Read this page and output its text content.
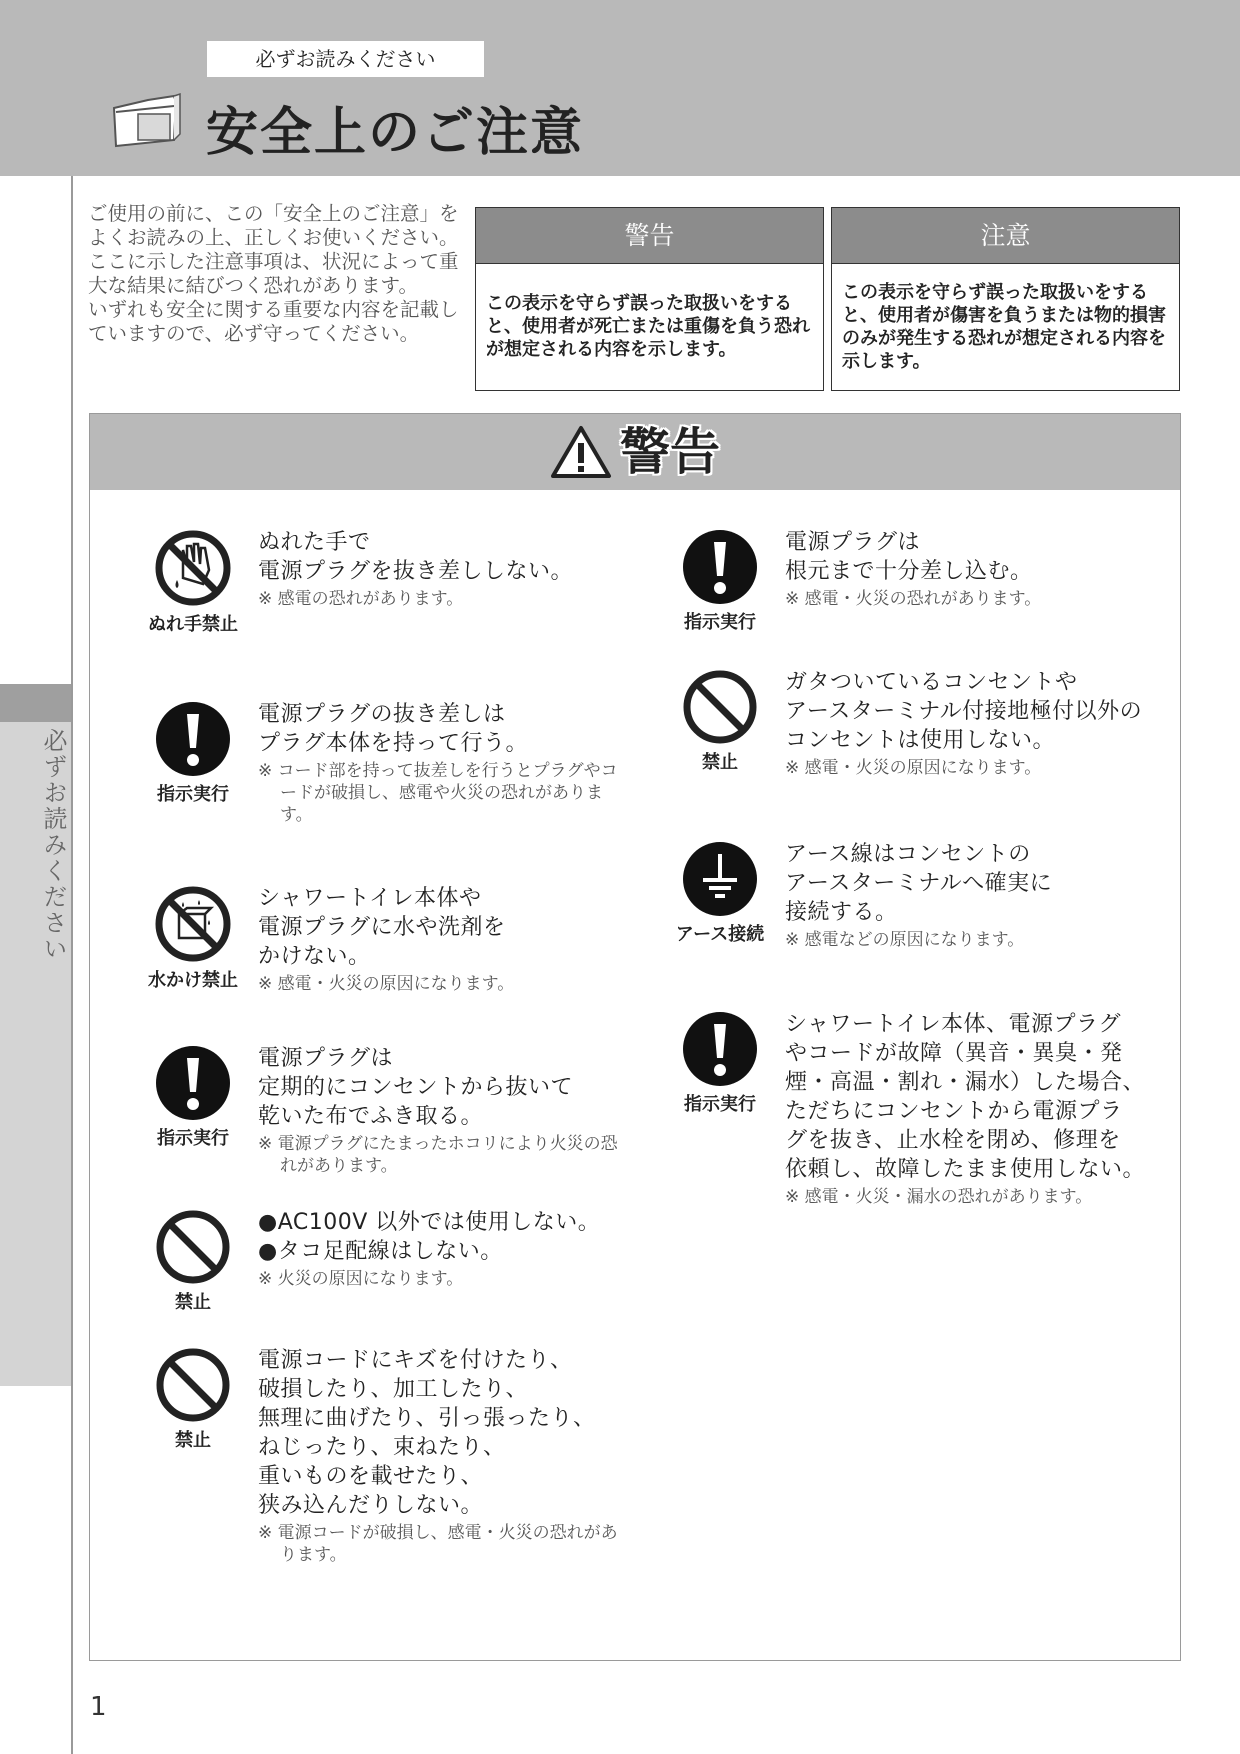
必ずお読みください
安全上のご注意
必ずお読みください

ご使用の前に、この「安全上のご注意」をよくお読みの上、正しくお使いください。

ここに示した注意事項は、状況によって重大な結果に結びつく恐れがあります。

いずれも安全に関する重要な内容を記載していますので、必ず守ってください。

警告
この表示を守らず誤った取扱いをすると、使用者が死亡または重傷を負う恐れが想定される内容を示します。
注意
この表示を守らず誤った取扱いをすると、使用者が傷害を負うまたは物的損害のみが発生する恐れが想定される内容を示します。
警告
ぬれ手禁止
ぬれた手で
電源プラグを抜き差ししない。
※ 感電の恐れがあります。
指示実行
電源プラグの抜き差しは
プラグ本体を持って行う。
※ コード部を持って抜差しを行うとプラグやコードが破損し、感電や火災の恐れがあります。
水かけ禁止
シャワートイレ本体や
電源プラグに水や洗剤を
かけない。
※ 感電・火災の原因になります。
指示実行
電源プラグは
定期的にコンセントから抜いて
乾いた布でふき取る。
※ 電源プラグにたまったホコリにより火災の恐れがあります。
禁止
●AC100V 以外では使用しない。
●タコ足配線はしない。
※ 火災の原因になります。
禁止
電源コードにキズを付けたり、
破損したり、加工したり、
無理に曲げたり、引っ張ったり、
ねじったり、束ねたり、
重いものを載せたり、
狭み込んだりしない。
※ 電源コードが破損し、感電・火災の恐れがあります。
指示実行
電源プラグは
根元まで十分差し込む。
※ 感電・火災の恐れがあります。
禁止
ガタついているコンセントや
アースターミナル付接地極付以外の
コンセントは使用しない。
※ 感電・火災の原因になります。
アース接続
アース線はコンセントの
アースターミナルへ確実に
接続する。
※ 感電などの原因になります。
指示実行
シャワートイレ本体、電源プラグ
やコードが故障（異音・異臭・発
煙・高温・割れ・漏水）した場合、
ただちにコンセントから電源プラ
グを抜き、止水栓を閉め、修理を
依頼し、故障したまま使用しない。
※ 感電・火災・漏水の恐れがあります。
1
